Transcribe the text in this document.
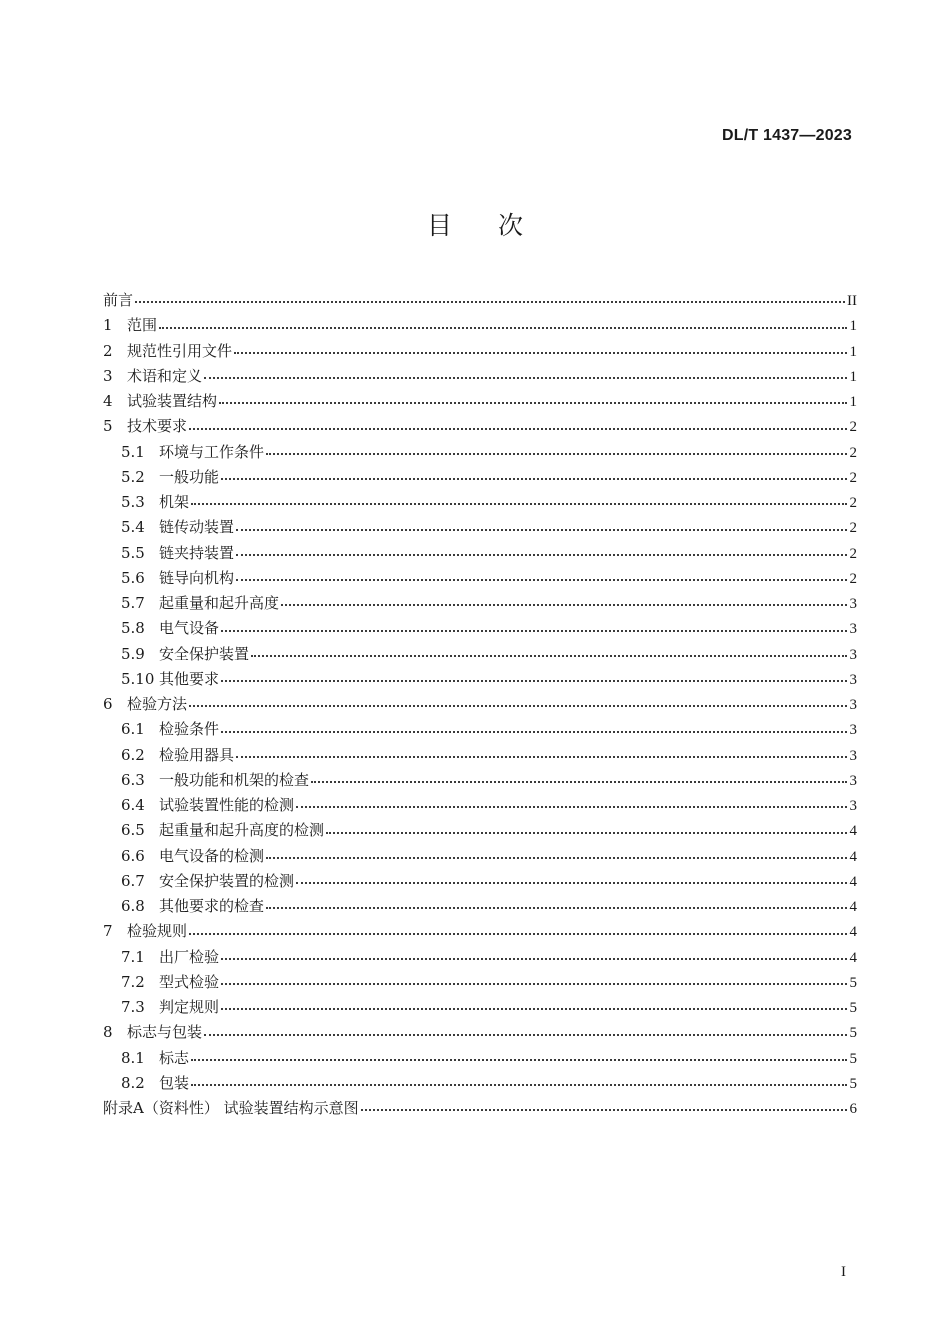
DL/T 1437—2023
目次
前言	II
1 范围	1
2 规范性引用文件	1
3 术语和定义	1
4 试验装置结构	1
5 技术要求	2
5.1 环境与工作条件	2
5.2 一般功能	2
5.3 机架	2
5.4 链传动装置	2
5.5 链夹持装置	2
5.6 链导向机构	2
5.7 起重量和起升高度	3
5.8 电气设备	3
5.9 安全保护装置	3
5.10 其他要求	3
6 检验方法	3
6.1 检验条件	3
6.2 检验用器具	3
6.3 一般功能和机架的检查	3
6.4 试验装置性能的检测	3
6.5 起重量和起升高度的检测	4
6.6 电气设备的检测	4
6.7 安全保护装置的检测	4
6.8 其他要求的检查	4
7 检验规则	4
7.1 出厂检验	4
7.2 型式检验	5
7.3 判定规则	5
8 标志与包装	5
8.1 标志	5
8.2 包装	5
附录A（资料性） 试验装置结构示意图	6
I
